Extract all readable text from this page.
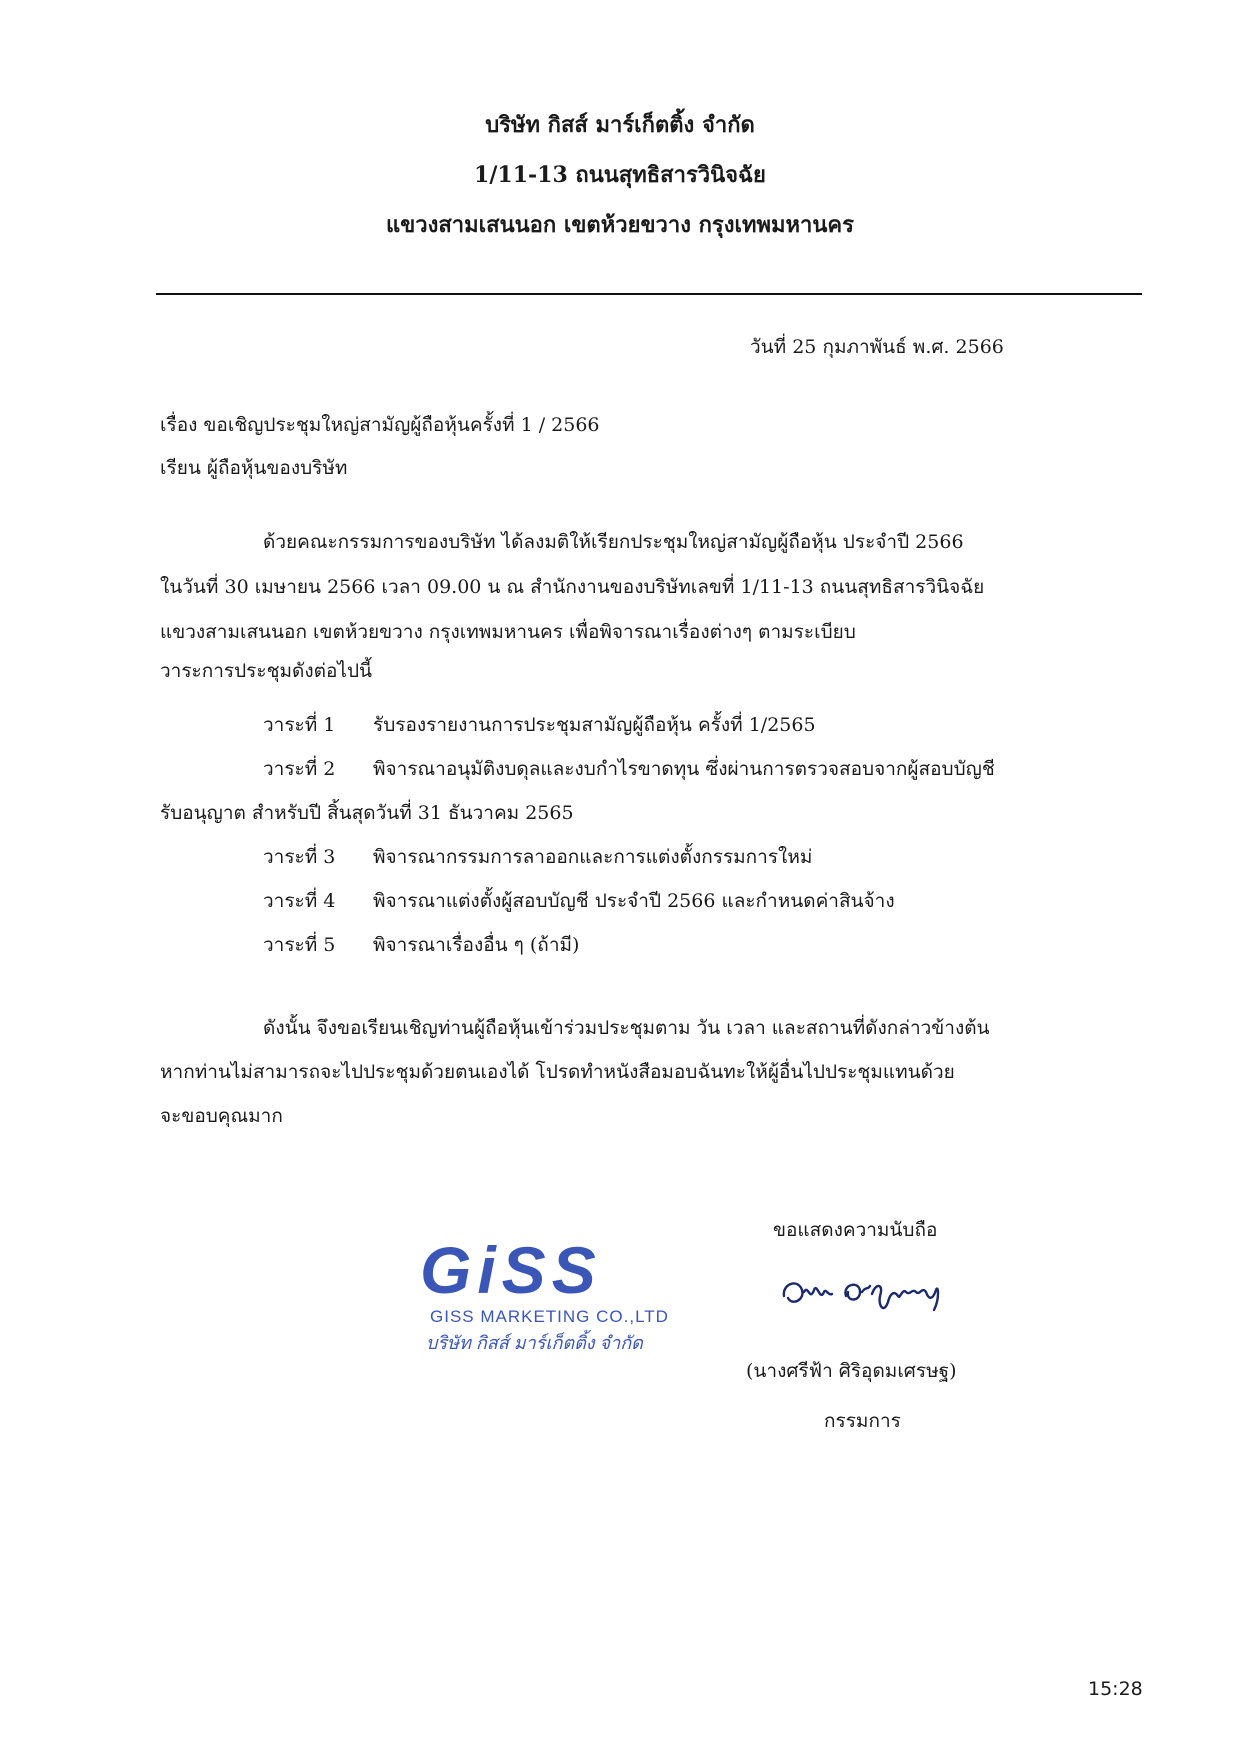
บริษัท กิสส์ มาร์เก็ตติ้ง จำกัด
1/11-13 ถนนสุทธิสารวินิจฉัย
แขวงสามเสนนอก เขตห้วยขวาง กรุงเทพมหานคร
วันที่ 25 กุมภาพันธ์ พ.ศ. 2566
เรื่อง ขอเชิญประชุมใหญ่สามัญผู้ถือหุ้นครั้งที่ 1 / 2566
เรียน ผู้ถือหุ้นของบริษัท
ด้วยคณะกรรมการของบริษัท ได้ลงมติให้เรียกประชุมใหญ่สามัญผู้ถือหุ้น ประจำปี 2566
ในวันที่ 30 เมษายน 2566 เวลา 09.00 น ณ สำนักงานของบริษัทเลขที่ 1/11-13 ถนนสุทธิสารวินิจฉัย
แขวงสามเสนนอก เขตห้วยขวาง กรุงเทพมหานคร เพื่อพิจารณาเรื่องต่างๆ ตามระเบียบ
วาระการประชุมดังต่อไปนี้
วาระที่ 1 รับรองรายงานการประชุมสามัญผู้ถือหุ้น ครั้งที่ 1/2565
วาระที่ 2 พิจารณาอนุมัติงบดุลและงบกำไรขาดทุน ซึ่งผ่านการตรวจสอบจากผู้สอบบัญชี
รับอนุญาต สำหรับปี สิ้นสุดวันที่ 31 ธันวาคม 2565
วาระที่ 3 พิจารณากรรมการลาออกและการแต่งตั้งกรรมการใหม่
วาระที่ 4 พิจารณาแต่งตั้งผู้สอบบัญชี ประจำปี 2566 และกำหนดค่าสินจ้าง
วาระที่ 5 พิจารณาเรื่องอื่น ๆ (ถ้ามี)
ดังนั้น จึงขอเรียนเชิญท่านผู้ถือหุ้นเข้าร่วมประชุมตาม วัน เวลา และสถานที่ดังกล่าวข้างต้น
หากท่านไม่สามารถจะไปประชุมด้วยตนเองได้ โปรดทำหนังสือมอบฉันทะให้ผู้อื่นไปประชุมแทนด้วย
จะขอบคุณมาก
ขอแสดงความนับถือ
GiSS
GISS MARKETING CO.,LTD
บริษัท กิสส์ มาร์เก็ตติ้ง จำกัด
(นางศรีฟ้า ศิริอุดมเศรษฐ)
กรรมการ
15:28
